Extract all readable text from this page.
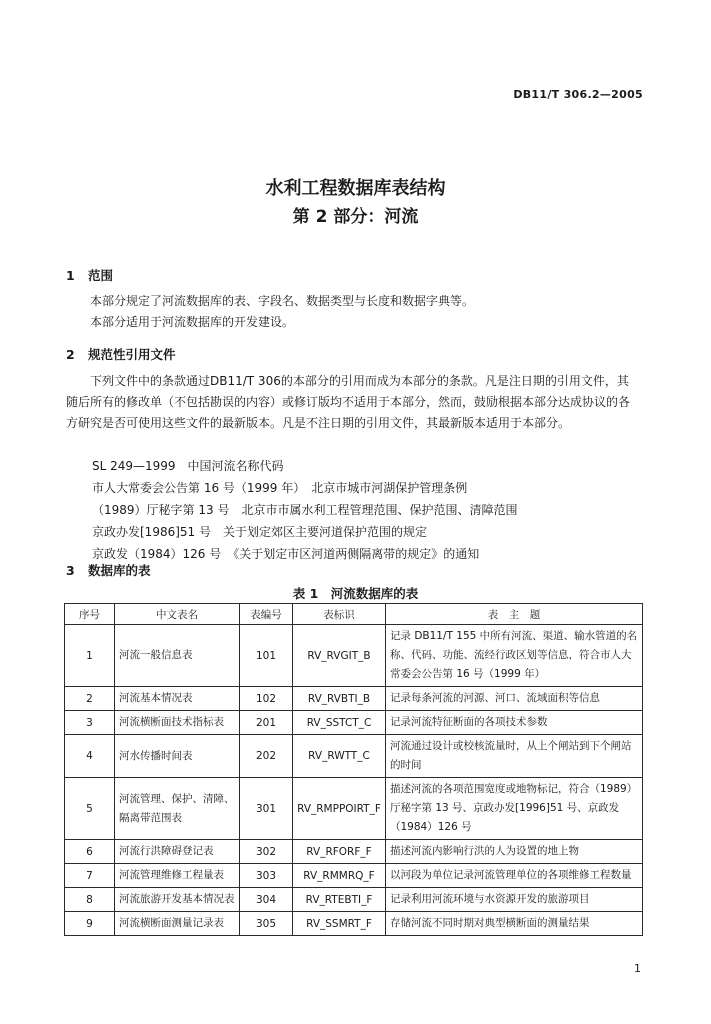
DB11/T 306.2—2005
水利工程数据库表结构
第 2 部分：河流
1 范围
本部分规定了河流数据库的表、字段名、数据类型与长度和数据字典等。
本部分适用于河流数据库的开发建设。
2 规范性引用文件
下列文件中的条款通过DB11/T 306的本部分的引用而成为本部分的条款。凡是注日期的引用文件，其随后所有的修改单（不包括勘误的内容）或修订版均不适用于本部分，然而，鼓励根据本部分达成协议的各方研究是否可使用这些文件的最新版本。凡是不注日期的引用文件，其最新版本适用于本部分。
SL 249—1999　中国河流名称代码
市人大常委会公告第 16 号（1999 年）　北京市城市河湖保护管理条例
（1989）厅秘字第 13 号　北京市市属水利工程管理范围、保护范围、清障范围
京政办发[1986]51 号　关于划定郊区主要河道保护范围的规定
京政发（1984）126 号　《关于划定市区河道两侧隔离带的规定》的通知
3 数据库的表
表 1　河流数据库的表
序号	中文表名	表编号	表标识	表　主　题
1	河流一般信息表	101	RV_RVGIT_B	记录 DB11/T 155 中所有河流、渠道、输水管道的名称、代码、功能、流经行政区划等信息，符合市人大常委会公告第 16 号（1999 年）
2	河流基本情况表	102	RV_RVBTI_B	记录每条河流的河源、河口、流域面积等信息
3	河流横断面技术指标表	201	RV_SSTCT_C	记录河流特征断面的各项技术参数
4	河水传播时间表	202	RV_RWTT_C	河流通过设计或校核流量时，从上个闸站到下个闸站的时间
5	河流管理、保护、清障、隔离带范围表	301	RV_RMPPOIRT_F	描述河流的各项范围宽度或地物标记，符合（1989）厅秘字第 13 号、京政办发[1996]51 号、京政发（1984）126 号
6	河流行洪障碍登记表	302	RV_RFORF_F	描述河流内影响行洪的人为设置的地上物
7	河流管理维修工程量表	303	RV_RMMRQ_F	以河段为单位记录河流管理单位的各项维修工程数量
8	河流旅游开发基本情况表	304	RV_RTEBTI_F	记录利用河流环境与水资源开发的旅游项目
9	河流横断面测量记录表	305	RV_SSMRT_F	存储河流不同时期对典型横断面的测量结果
1
